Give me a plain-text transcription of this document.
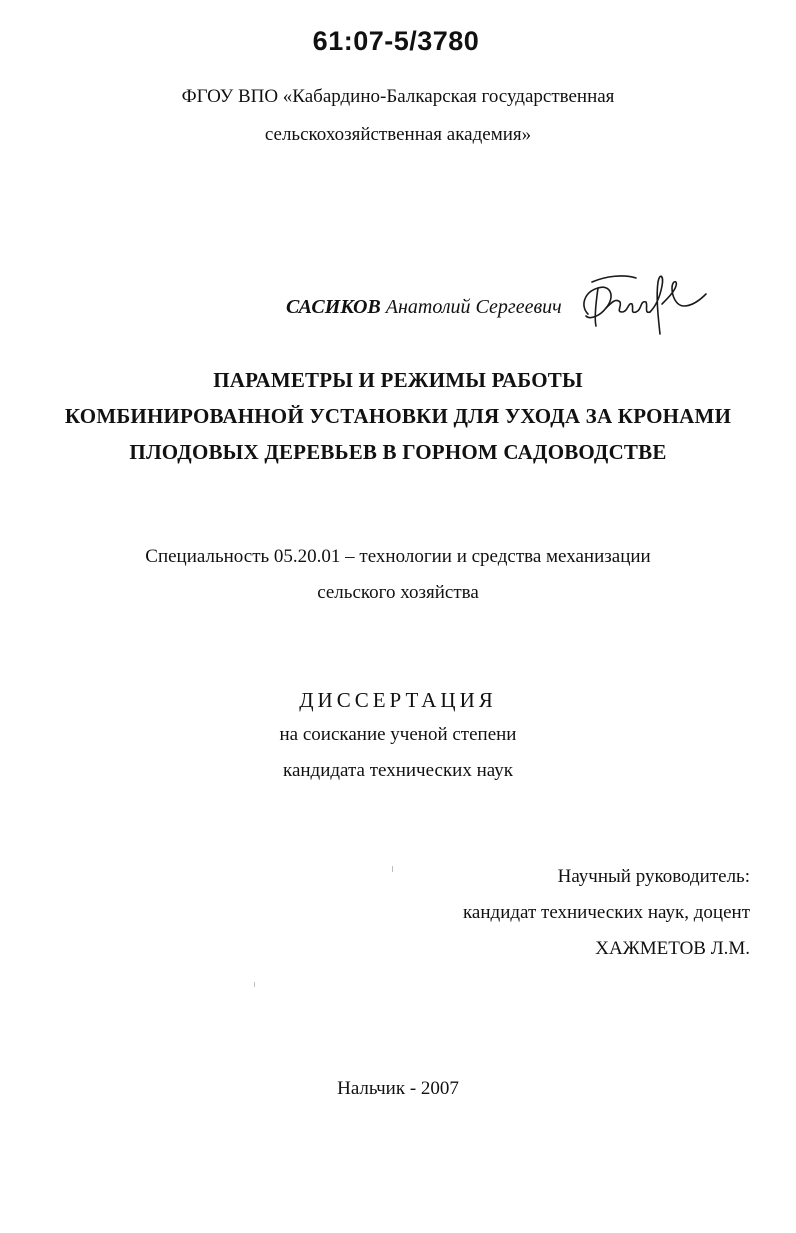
61:07-5/3780
ФГОУ ВПО «Кабардино-Балкарская государственная
сельскохозяйственная академия»
САСИКОВ Анатолий Сергеевич
ПАРАМЕТРЫ И РЕЖИМЫ РАБОТЫ
КОМБИНИРОВАННОЙ УСТАНОВКИ ДЛЯ УХОДА ЗА КРОНАМИ
ПЛОДОВЫХ ДЕРЕВЬЕВ В ГОРНОМ САДОВОДСТВЕ
Специальность 05.20.01 – технологии и средства механизации
сельского хозяйства
ДИССЕРТАЦИЯ
на соискание ученой степени
кандидата технических наук
Научный руководитель:
кандидат технических наук, доцент
ХАЖМЕТОВ Л.М.
Нальчик - 2007
